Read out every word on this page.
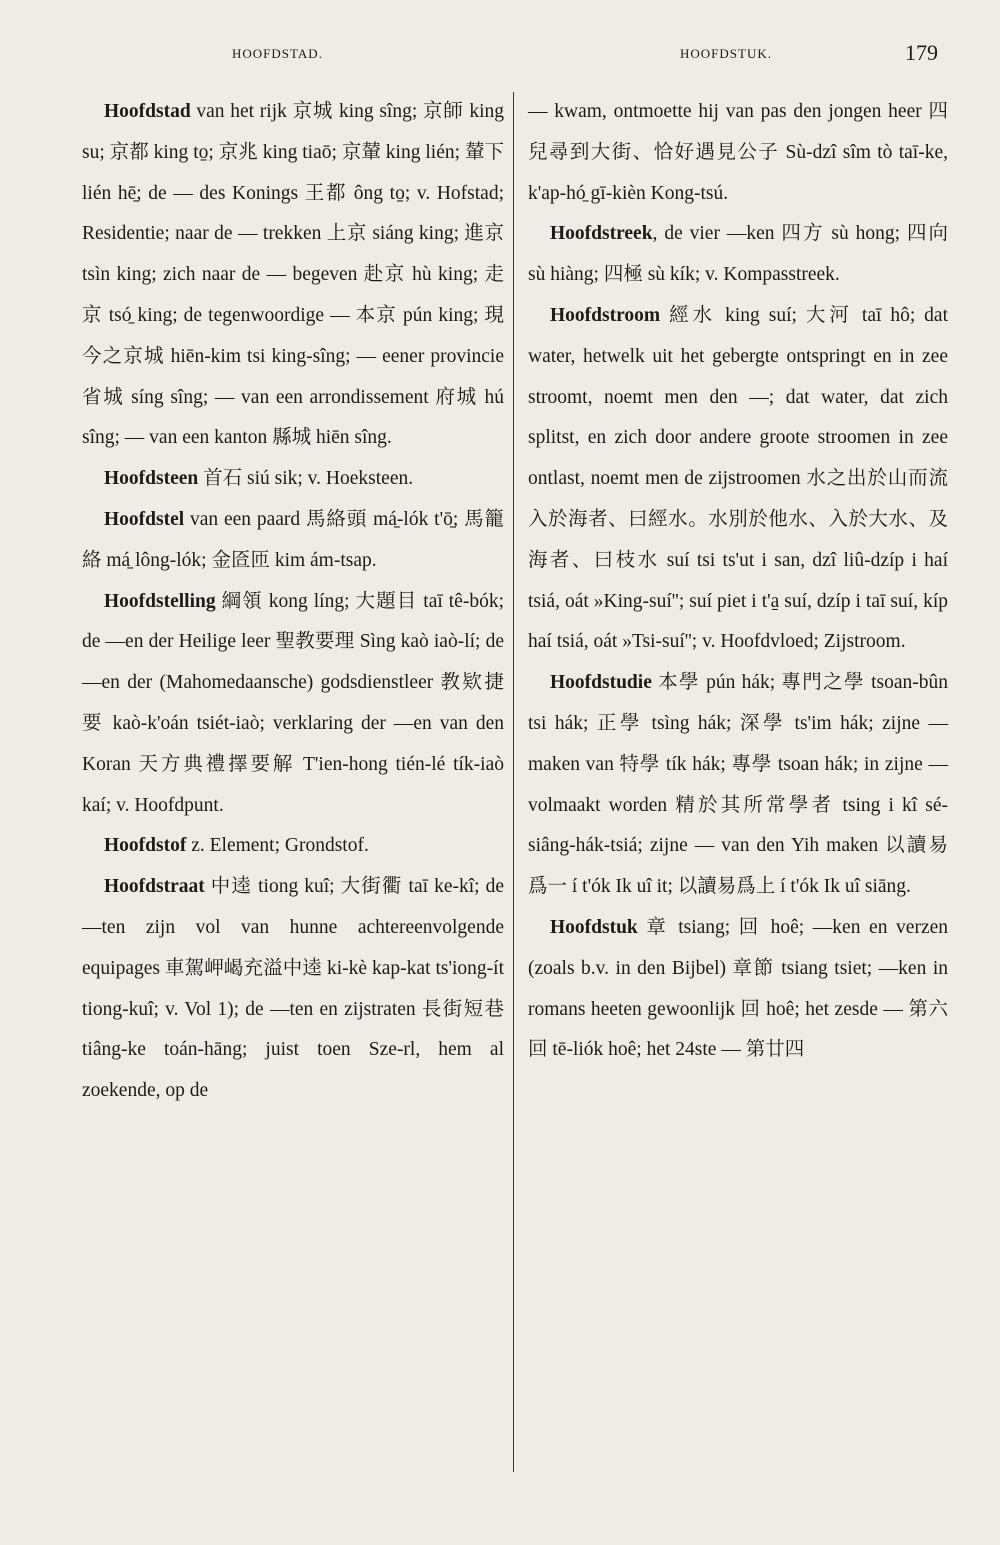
HOOFDSTAD.	HOOFDSTUK.	179

Hoofdstad van het rijk 京城 king sîng; 京師 king su; 京都 king to̱; 京兆 king tiaō; 京輦 king lién; 輦下 lién hē̱; de — des Konings 王都 ông to̱; v. Hofstad; Residentie; naar de — trekken 上京 siáng king; 進京 tsìn king; zich naar de — begeven 赴京 hù king; 走京 tsó̱ king; de tegenwoordige — 本京 pún king; 現今之京城 hiēn-kim tsi king-sîng; — eener provincie 省城 síng sîng; — van een arrondissement 府城 hú sîng; — van een kanton 縣城 hiēn sîng.

Hoofdsteen 首石 siú sik; v. Hoeksteen.

Hoofdstel van een paard 馬絡頭 má̱-lók t'ō̱; 馬籠絡 má̱ lông-lók; 金匼匝 kim ám-tsap.

Hoofdstelling 綱領 kong líng; 大題目 taī tê-bók; de —en der Heilige leer 聖教要理 Sìng kaò iaò-lí; de —en der (Mahomedaansche) godsdienstleer 教欵捷要 kaò-k'oán tsiét-iaò; verklaring der —en van den Koran 天方典禮擇要解 T'ien-hong tién-lé tík-iaò kaí; v. Hoofdpunt.

Hoofdstof z. Element; Grondstof.

Hoofdstraat 中逵 tiong kuî; 大街衢 taī ke-kî; de —ten zijn vol van hunne achtereenvolgende equipages 車駕岬嵑充溢中逵 ki-kè kap-kat ts'iong-ít tiong-kuî; v. Vol 1); de —ten en zijstraten 長街短巷 tiâng-ke toán-hāng; juist toen Sze-rl, hem al zoekende, op de

— kwam, ontmoette hij van pas den jongen heer 四兒尋到大街、恰好遇見公子 Sù-dzî sîm tò taī-ke, k'ap-hó̱ gī-kièn Kong-tsú.

Hoofdstreek, de vier —ken 四方 sù hong; 四向 sù hiàng; 四極 sù kík; v. Kompasstreek.

Hoofdstroom 經水 king suí; 大河 taī hô; dat water, hetwelk uit het gebergte ontspringt en in zee stroomt, noemt men den —; dat water, dat zich splitst, en zich door andere groote stroomen in zee ontlast, noemt men de zijstroomen 水之出於山而流入於海者、曰經水。水別於他水、入於大水、及海者、曰枝水 suí tsi ts'ut i san, dzî liû-dzíp i haí tsiá, oát »King-suí''; suí piet i t'a̱ suí, dzíp i taī suí, kíp haí tsiá, oát »Tsi-suí''; v. Hoofdvloed; Zijstroom.

Hoofdstudie 本學 pún hák; 專門之學 tsoan-bûn tsi hák; 正學 tsìng hák; 深學 ts'im hák; zijne — maken van 特學 tík hák; 專學 tsoan hák; in zijne — volmaakt worden 精於其所常學者 tsing i kî sé-siâng-hák-tsiá; zijne — van den Yih maken 以讀易爲一 í t'ók Ik uî it; 以讀易爲上 í t'ók Ik uî siāng.

Hoofdstuk 章 tsiang; 回 hoê; —ken en verzen (zoals b.v. in den Bijbel) 章節 tsiang tsiet; —ken in romans heeten gewoonlijk 回 hoê; het zesde — 第六回 tē-liók hoê; het 24ste — 第廿四
